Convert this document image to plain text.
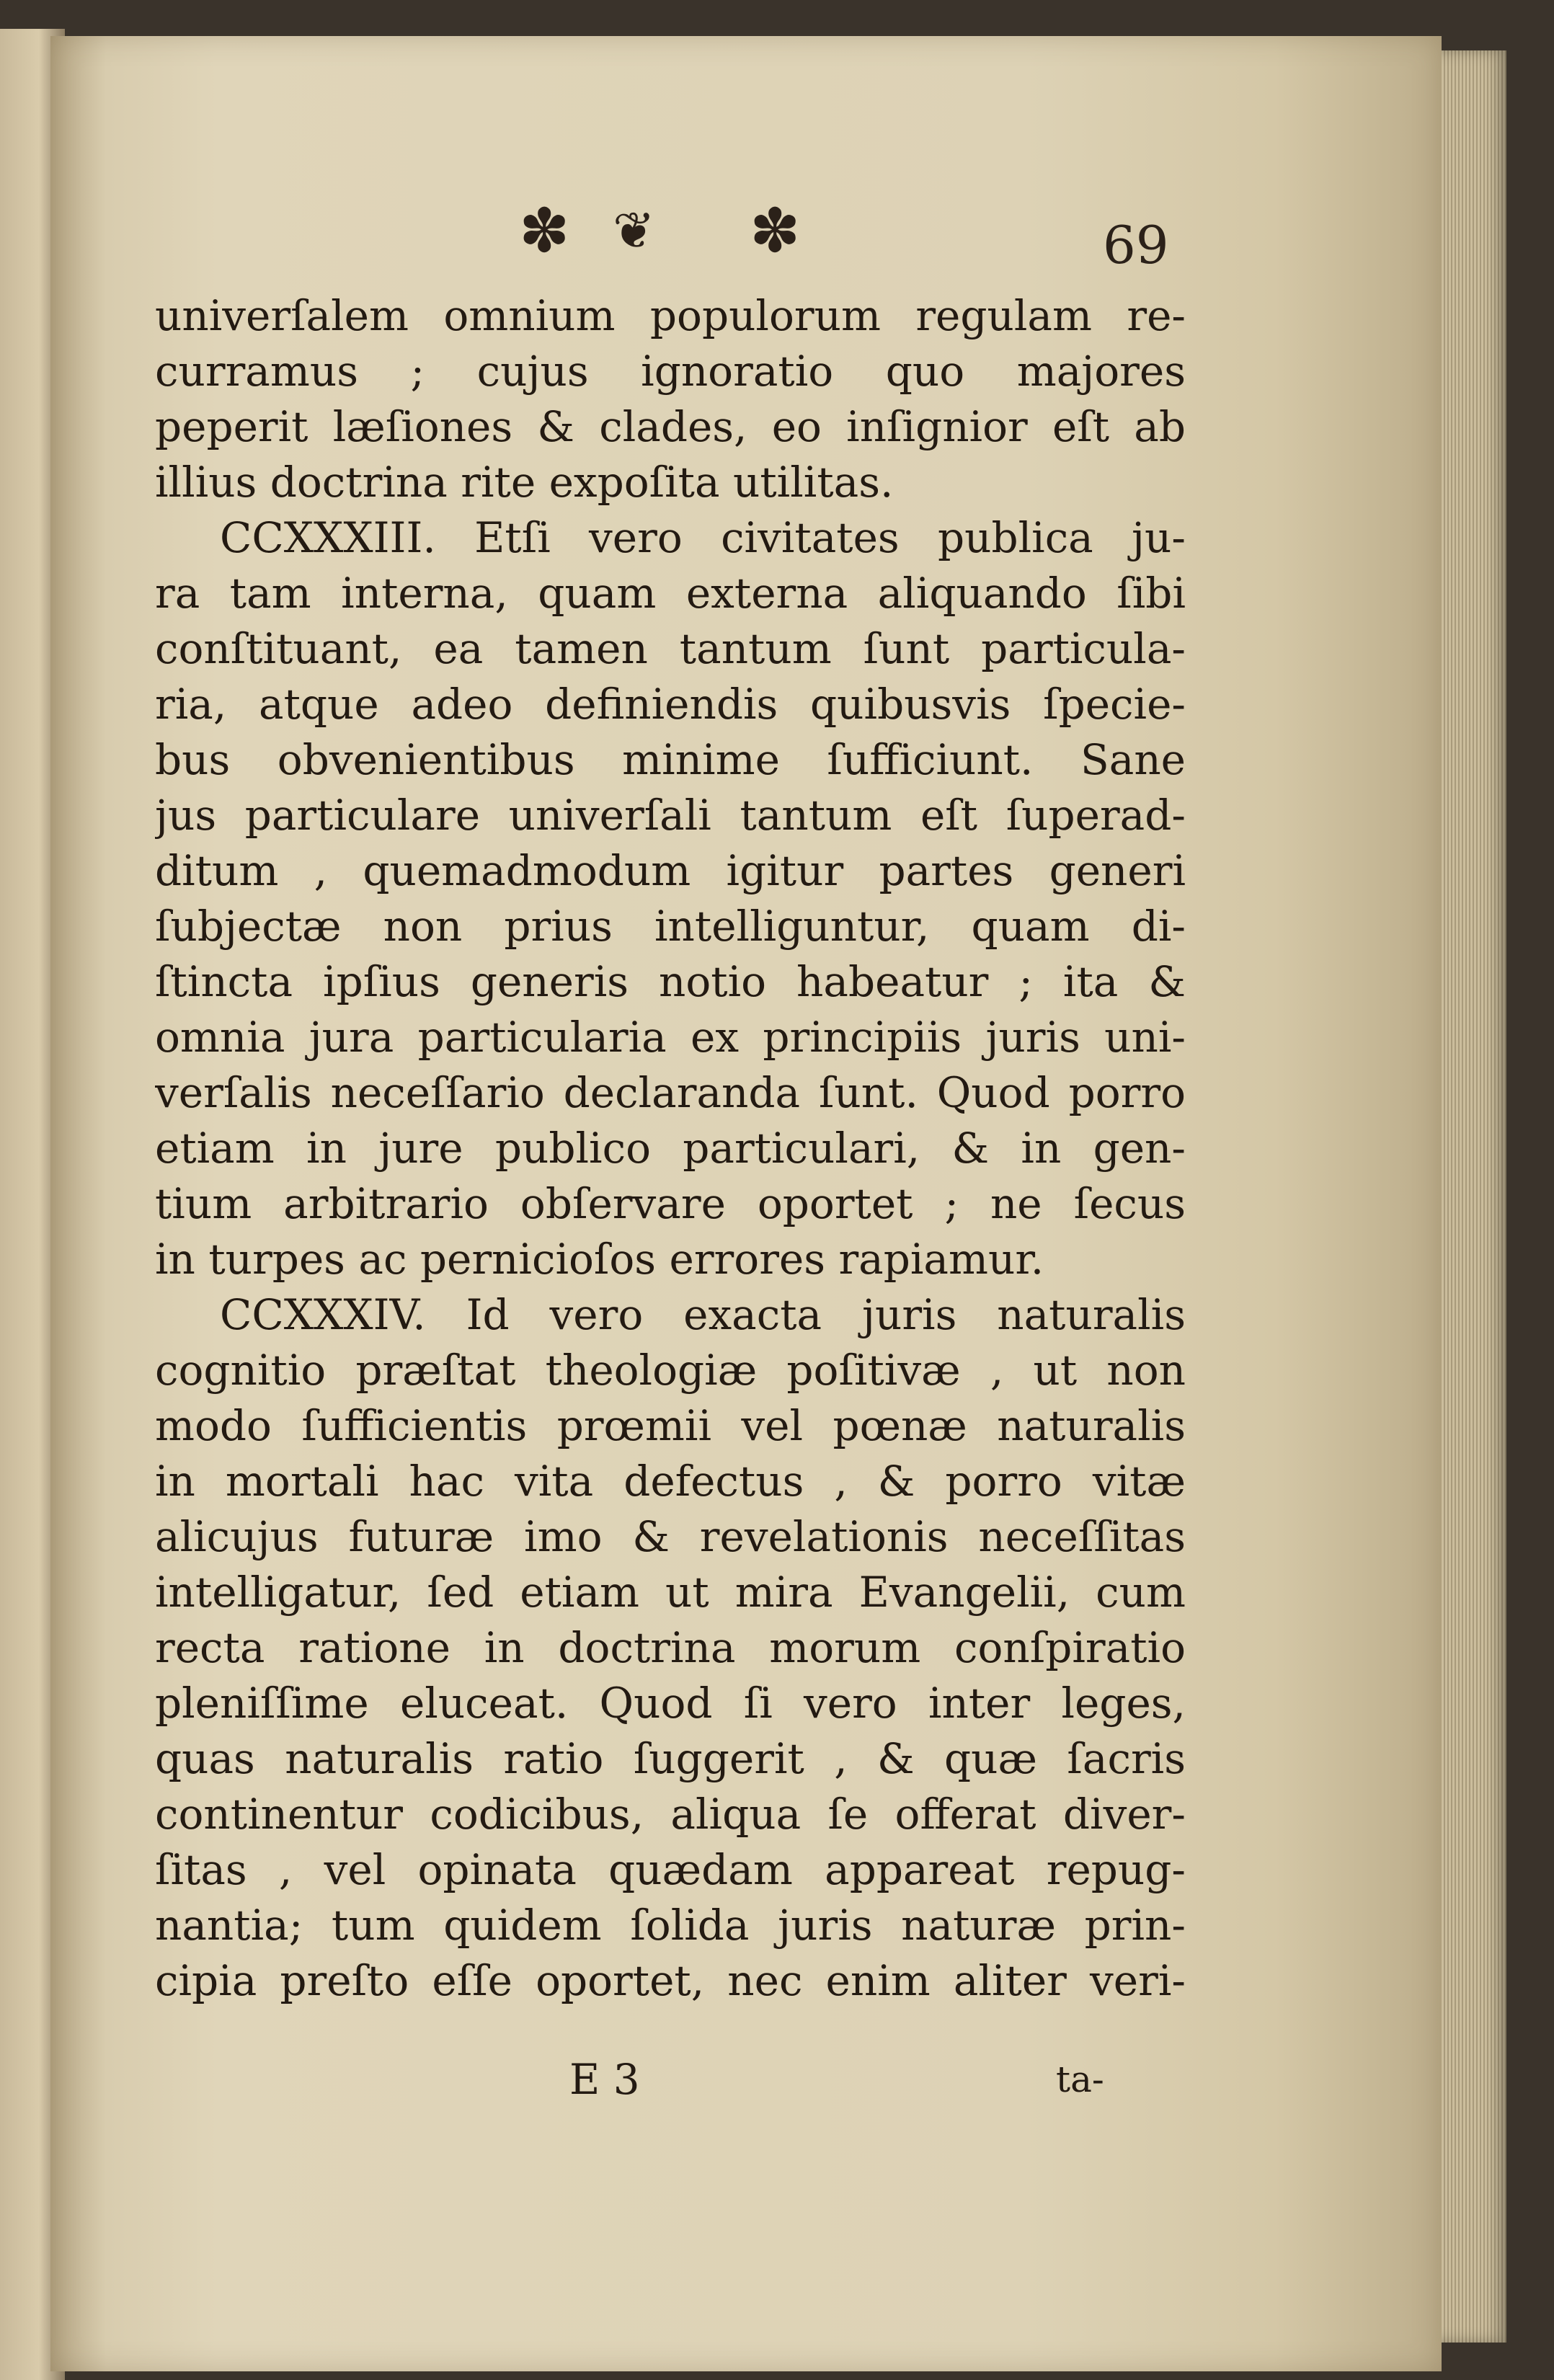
✽ ❦ ✽	69
univerſalem omnium populorum regulam re-
curramus ; cujus ignoratio quo majores
peperit læſiones & clades, eo inſignior eſt ab
illius doctrina rite expoſita utilitas.
CCXXXIII. Etſi vero civitates publica ju-
ra tam interna, quam externa aliquando ſibi
conſtituant, ea tamen tantum ſunt particula-
ria, atque adeo definiendis quibusvis ſpecie-
bus obvenientibus minime ſufficiunt. Sane
jus particulare univerſali tantum eſt ſuperad-
ditum , quemadmodum igitur partes generi
ſubjectæ non prius intelliguntur, quam di-
ſtincta ipſius generis notio habeatur ; ita &
omnia jura particularia ex principiis juris uni-
verſalis neceſſario declaranda ſunt. Quod porro
etiam in jure publico particulari, & in gen-
tium arbitrario obſervare oportet ; ne ſecus
in turpes ac pernicioſos errores rapiamur.
CCXXXIV. Id vero exacta juris naturalis
cognitio præſtat theologiæ poſitivæ , ut non
modo ſufficientis prœmii vel pœnæ naturalis
in mortali hac vita defectus , & porro vitæ
alicujus futuræ imo & revelationis neceſſitas
intelligatur, ſed etiam ut mira Evangelii, cum
recta ratione in doctrina morum conſpiratio
pleniſſime eluceat. Quod ſi vero inter leges,
quas naturalis ratio ſuggerit , & quæ ſacris
continentur codicibus, aliqua ſe offerat diver-
ſitas , vel opinata quædam appareat repug-
nantia; tum quidem ſolida juris naturæ prin-
cipia preſto eſſe oportet, nec enim aliter veri-
E 3	ta-
